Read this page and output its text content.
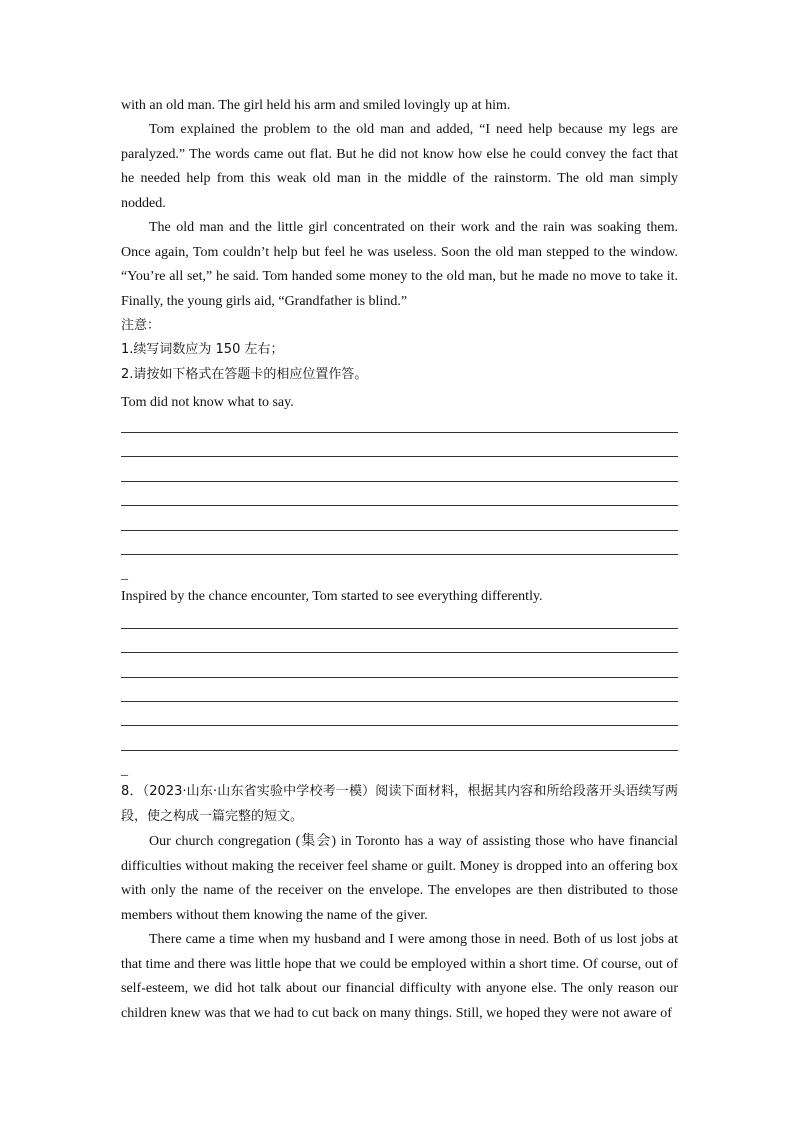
with an old man. The girl held his arm and smiled lovingly up at him.

Tom explained the problem to the old man and added, “I need help because my legs are paralyzed.” The words came out flat. But he did not know how else he could convey the fact that he needed help from this weak old man in the middle of the rainstorm. The old man simply nodded.

The old man and the little girl concentrated on their work and the rain was soaking them. Once again, Tom couldn’t help but feel he was useless. Soon the old man stepped to the window. “You’re all set,” he said. Tom handed some money to the old man, but he made no move to take it. Finally, the young girls aid, “Grandfather is blind.”

注意：

1.续写词数应为 150 左右；

2.请按如下格式在答题卡的相应位置作答。

Tom did not know what to say.

_

Inspired by the chance encounter, Tom started to see everything differently.

_

8．（2023·山东·山东省实验中学校考一模）阅读下面材料，根据其内容和所给段落开头语续写两段，使之构成一篇完整的短文。

Our church congregation (集会) in Toronto has a way of assisting those who have financial difficulties without making the receiver feel shame or guilt. Money is dropped into an offering box with only the name of the receiver on the envelope. The envelopes are then distributed to those members without them knowing the name of the giver.

There came a time when my husband and I were among those in need. Both of us lost jobs at that time and there was little hope that we could be employed within a short time. Of course, out of self-esteem, we did hot talk about our financial difficulty with anyone else. The only reason our children knew was that we had to cut back on many things. Still, we hoped they were not aware of
